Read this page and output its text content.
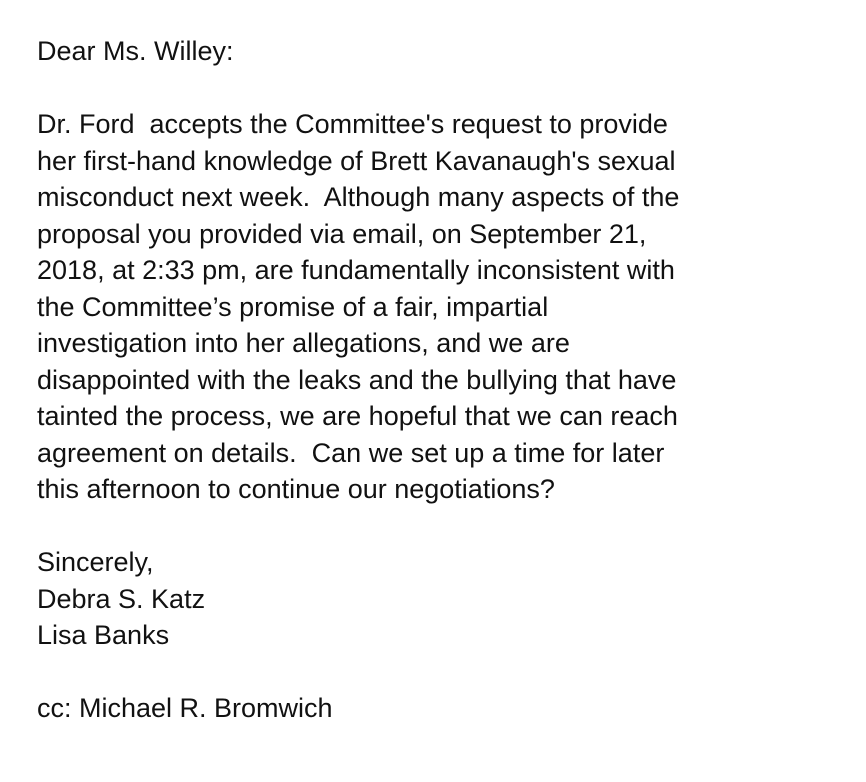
Dear Ms. Willey:
Dr. Ford  accepts the Committee's request to provide
her first-hand knowledge of Brett Kavanaugh's sexual
misconduct next week.  Although many aspects of the
proposal you provided via email, on September 21,
2018, at 2:33 pm, are fundamentally inconsistent with
the Committee’s promise of a fair, impartial
investigation into her allegations, and we are
disappointed with the leaks and the bullying that have
tainted the process, we are hopeful that we can reach
agreement on details.  Can we set up a time for later
this afternoon to continue our negotiations?
Sincerely,
Debra S. Katz
Lisa Banks
cc: Michael R. Bromwich
